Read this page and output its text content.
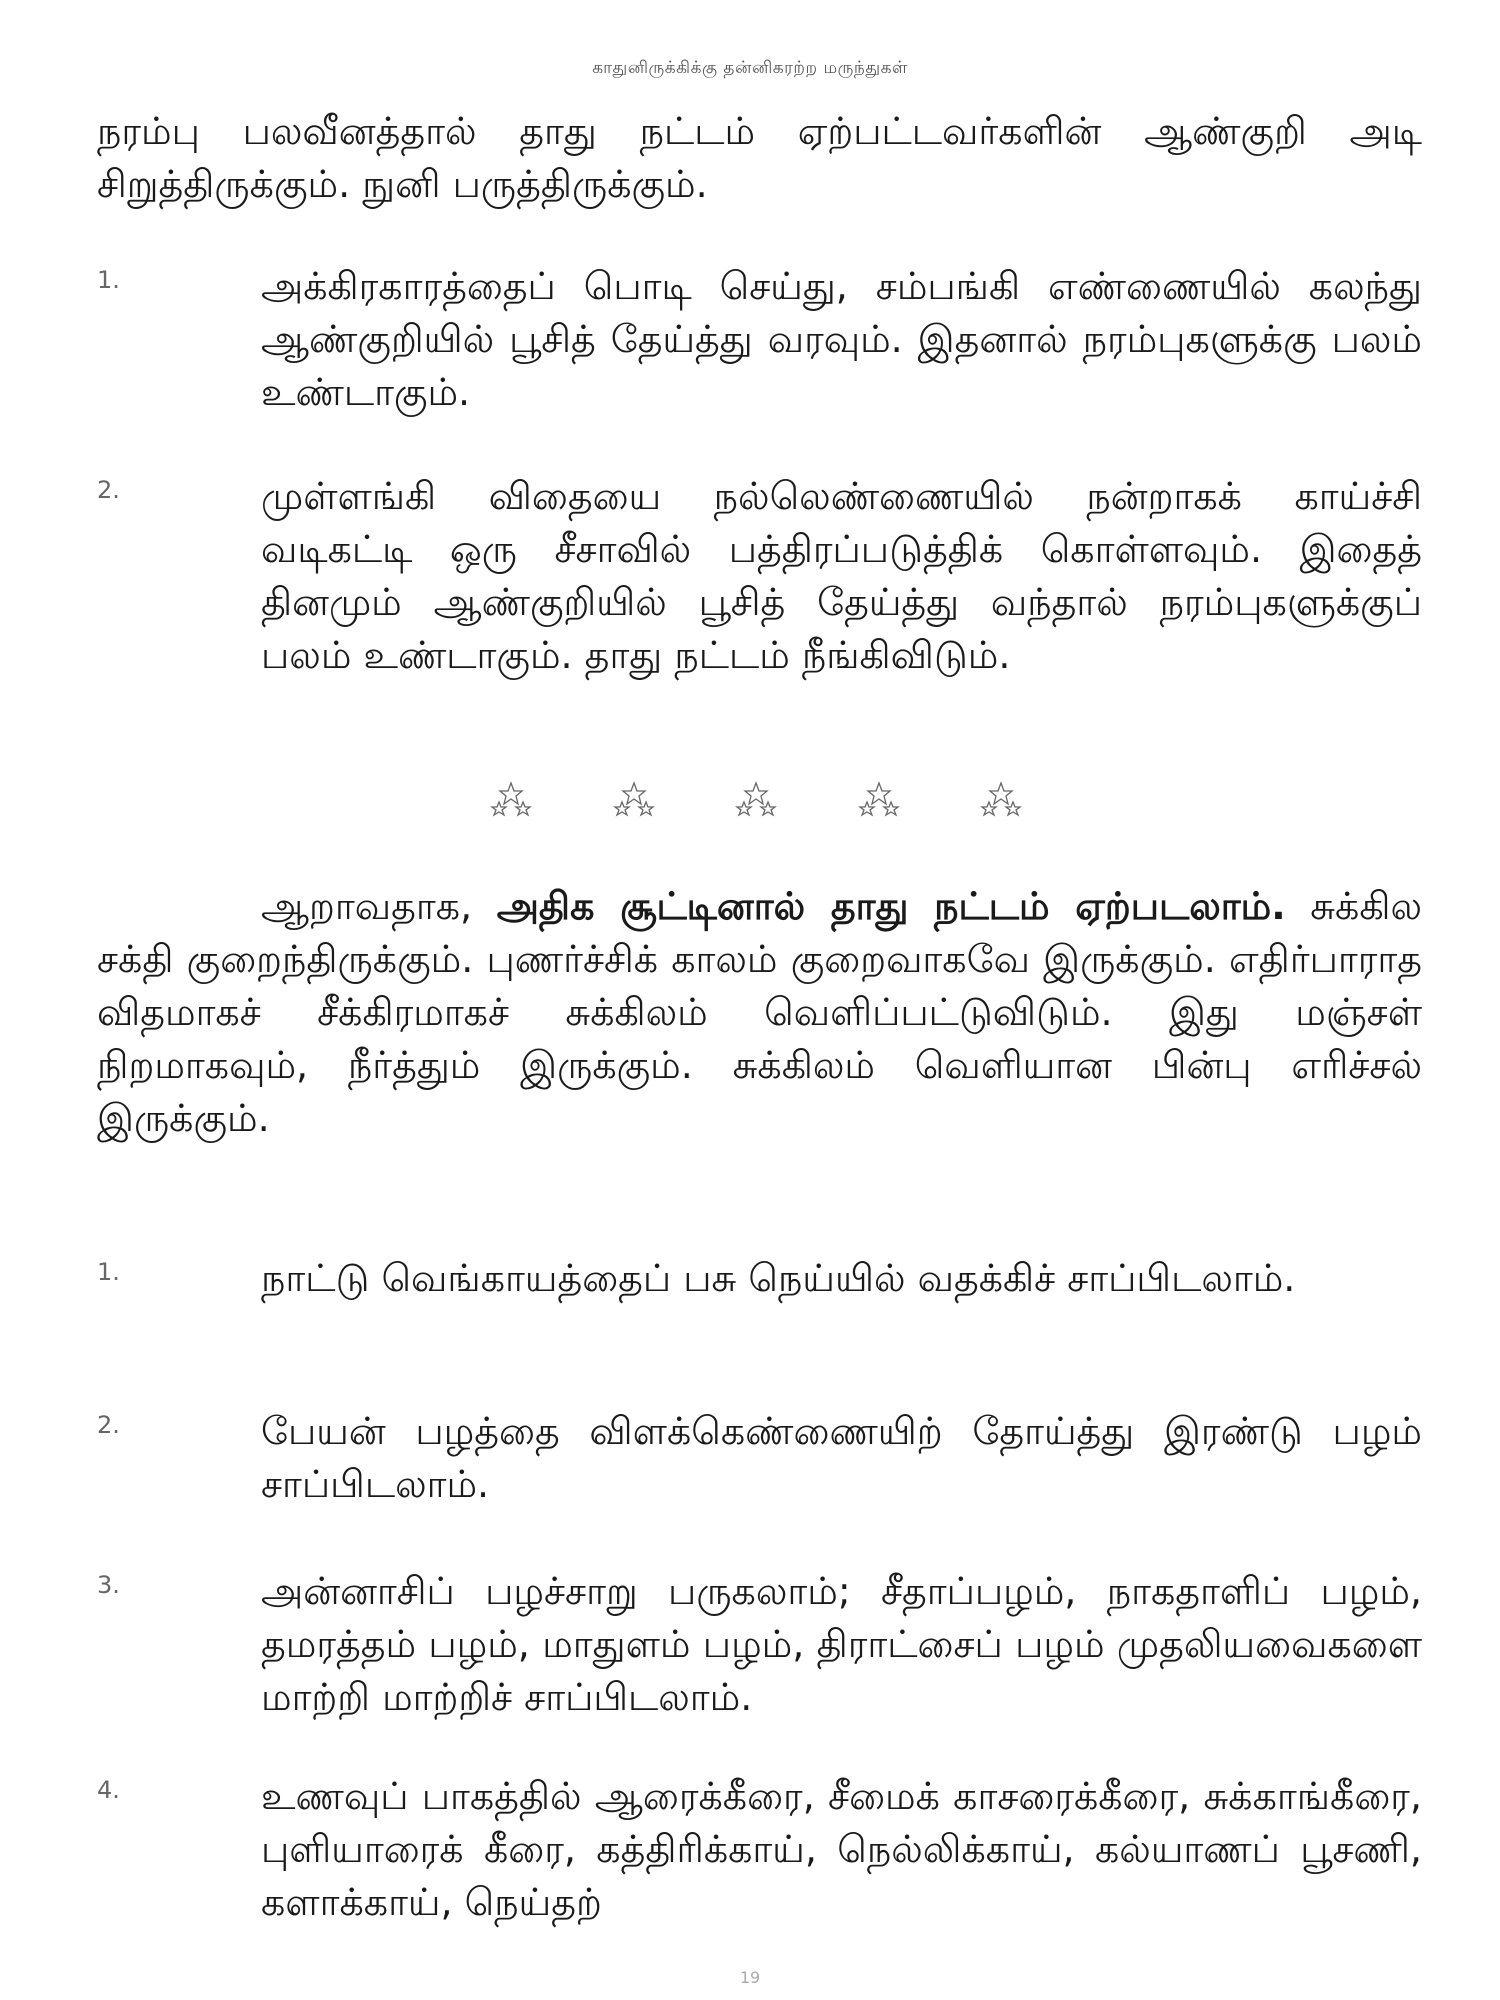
காதுனிருக்கிக்கு தன்னிகரற்ற மருந்துகள்

நரம்பு பலவீனத்தால் தாது நட்டம் ஏற்பட்டவர்களின் ஆண்குறி அடி சிறுத்திருக்கும். நுனி பருத்திருக்கும்.

1.	அக்கிரகாரத்தைப் பொடி செய்து, சம்பங்கி எண்ணையில் கலந்து ஆண்குறியில் பூசித் தேய்த்து வரவும். இதனால் நரம்புகளுக்கு பலம் உண்டாகும்.

2.	முள்ளங்கி விதையை நல்லெண்ணையில் நன்றாகக் காய்ச்சி வடிகட்டி ஒரு சீசாவில் பத்திரப்படுத்திக் கொள்ளவும். இதைத் தினமும் ஆண்குறியில் பூசித் தேய்த்து வந்தால் நரம்புகளுக்குப் பலம் உண்டாகும். தாது நட்டம் நீங்கிவிடும்.

ஆறாவதாக, அதிக சூட்டினால் தாது நட்டம் ஏற்படலாம். சுக்கில சக்தி குறைந்திருக்கும். புணர்ச்சிக் காலம் குறைவாகவே இருக்கும். எதிர்பாராத விதமாகச் சீக்கிரமாகச் சுக்கிலம் வெளிப்பட்டுவிடும். இது மஞ்சள் நிறமாகவும், நீர்த்தும் இருக்கும். சுக்கிலம் வெளியான பின்பு எரிச்சல் இருக்கும்.

1.	நாட்டு வெங்காயத்தைப் பசு நெய்யில் வதக்கிச் சாப்பிடலாம்.

2.	பேயன் பழத்தை விளக்கெண்ணையிற் தோய்த்து இரண்டு பழம் சாப்பிடலாம்.

3.	அன்னாசிப் பழச்சாறு பருகலாம்; சீதாப்பழம், நாகதாளிப் பழம், தமரத்தம் பழம், மாதுளம் பழம், திராட்சைப் பழம் முதலியவைகளை மாற்றி மாற்றிச் சாப்பிடலாம்.

4.	உணவுப் பாகத்தில் ஆரைக்கீரை, சீமைக் காசரைக்கீரை, சுக்காங்கீரை, புளியாரைக் கீரை, கத்திரிக்காய், நெல்லிக்காய், கல்யாணப் பூசணி, களாக்காய், நெய்தற்

19
